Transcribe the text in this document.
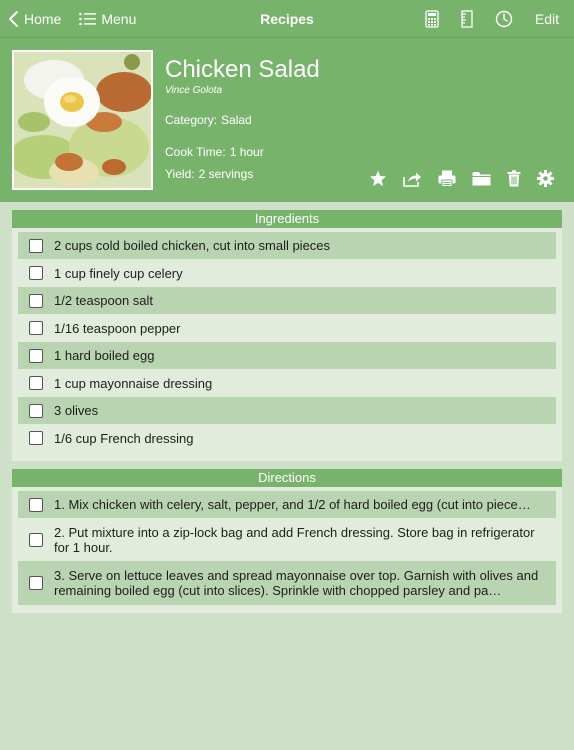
Home	Menu	Recipes	Edit
Chicken Salad
Vince Golota
Category: Salad
Cook Time: 1 hour
Yield: 2 servings
Ingredients
2 cups cold boiled chicken, cut into small pieces
1 cup finely cup celery
1/2 teaspoon salt
1/16 teaspoon pepper
1 hard boiled egg
1 cup mayonnaise dressing
3 olives
1/6 cup French dressing
Directions
1. Mix chicken with celery, salt, pepper, and 1/2 of hard boiled egg (cut into piece…
2. Put mixture into a zip-lock bag and add French dressing. Store bag in refrigerator for 1 hour.
3. Serve on lettuce leaves and spread mayonnaise over top. Garnish with olives and remaining boiled egg (cut into slices). Sprinkle with chopped parsley and pa…
